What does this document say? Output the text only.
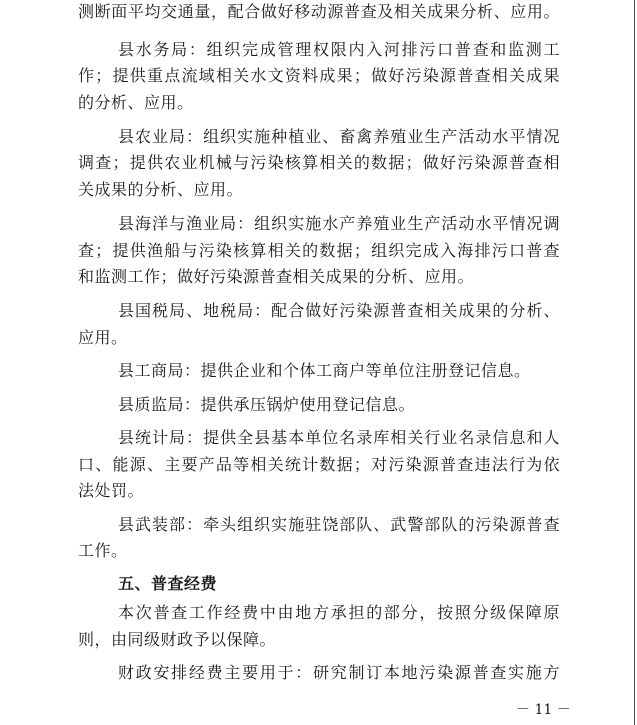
测断面平均交通量，配合做好移动源普查及相关成果分析、应用。
县水务局：组织完成管理权限内入河排污口普查和监测工
作；提供重点流域相关水文资料成果；做好污染源普查相关成果
的分析、应用。
县农业局：组织实施种植业、畜禽养殖业生产活动水平情况
调查；提供农业机械与污染核算相关的数据；做好污染源普查相
关成果的分析、应用。
县海洋与渔业局：组织实施水产养殖业生产活动水平情况调
查；提供渔船与污染核算相关的数据；组织完成入海排污口普查
和监测工作；做好污染源普查相关成果的分析、应用。
县国税局、地税局：配合做好污染源普查相关成果的分析、
应用。
县工商局：提供企业和个体工商户等单位注册登记信息。
县质监局：提供承压锅炉使用登记信息。
县统计局：提供全县基本单位名录库相关行业名录信息和人
口、能源、主要产品等相关统计数据；对污染源普查违法行为依
法处罚。
县武装部：牵头组织实施驻饶部队、武警部队的污染源普查
工作。
五、普查经费
本次普查工作经费中由地方承担的部分，按照分级保障原
则，由同级财政予以保障。
财政安排经费主要用于：研究制订本地污染源普查实施方
－ 11 －
